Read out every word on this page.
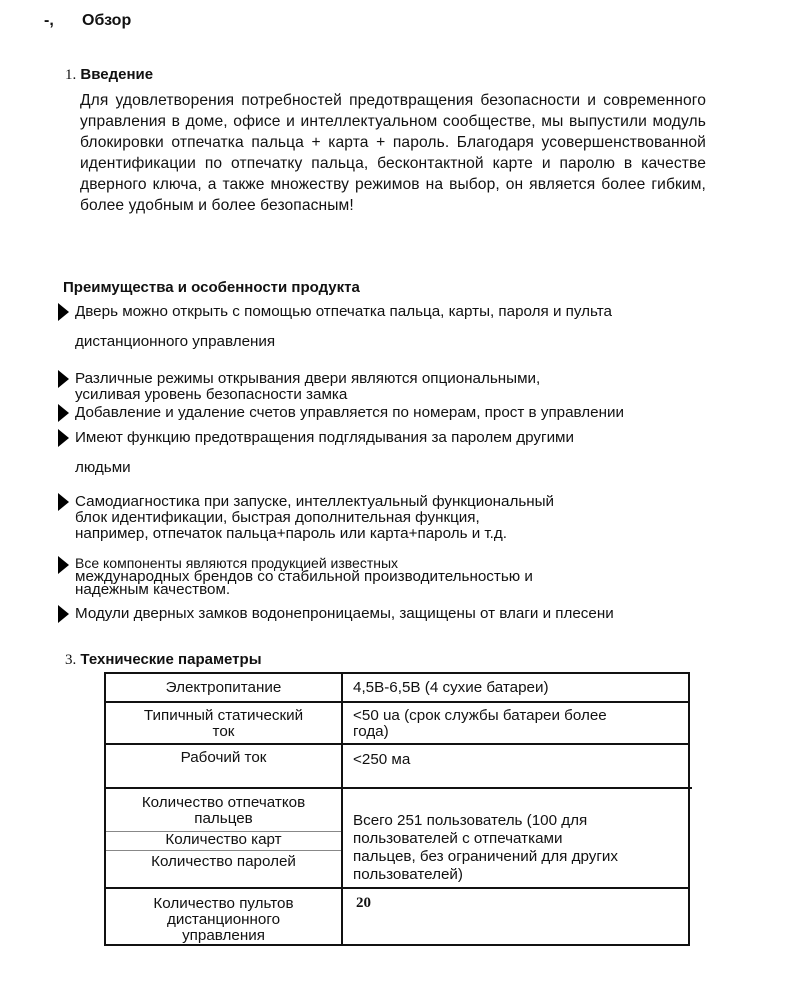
-, Обзор
1. Введение
Для удовлетворения потребностей предотвращения безопасности и современного управления в доме, офисе и интеллектуальном сообществе, мы выпустили модуль блокировки отпечатка пальца + карта + пароль. Благодаря усовершенствованной идентификации по отпечатку пальца, бесконтактной карте и паролю в качестве дверного ключа, а также множеству режимов на выбор, он является более гибким, более удобным и более безопасным!
Преимущества и особенности продукта
Дверь можно открыть с помощью отпечатка пальца, карты, пароля и пульта
дистанционного управления
Различные режимы открывания двери являются опциональными,
усиливая уровень безопасности замка
Добавление и удаление счетов управляется по номерам, прост в управлении
Имеют функцию предотвращения подглядывания за паролем другими
людьми
Самодиагностика при запуске, интеллектуальный функциональный
блок идентификации, быстрая дополнительная функция,
например, отпечаток пальца+пароль или карта+пароль и т.д.
Все компоненты являются продукцией известных
международных брендов со стабильной производительностью и
надежным качеством.
Модули дверных замков водонепроницаемы, защищены от влаги и плесени
3. Технические параметры
Электропитание	4,5В-6,5В (4 сухие батареи)
Типичный статический
ток
<50 ua (срок службы батареи более
года)
Рабочий ток	<250 ма
Количество отпечатков
пальцев
Количество карт
Количество паролей
Всего 251 пользователь (100 для
пользователей с отпечатками
пальцев, без ограничений для других
пользователей)
Количество пультов
дистанционного
управления
20
